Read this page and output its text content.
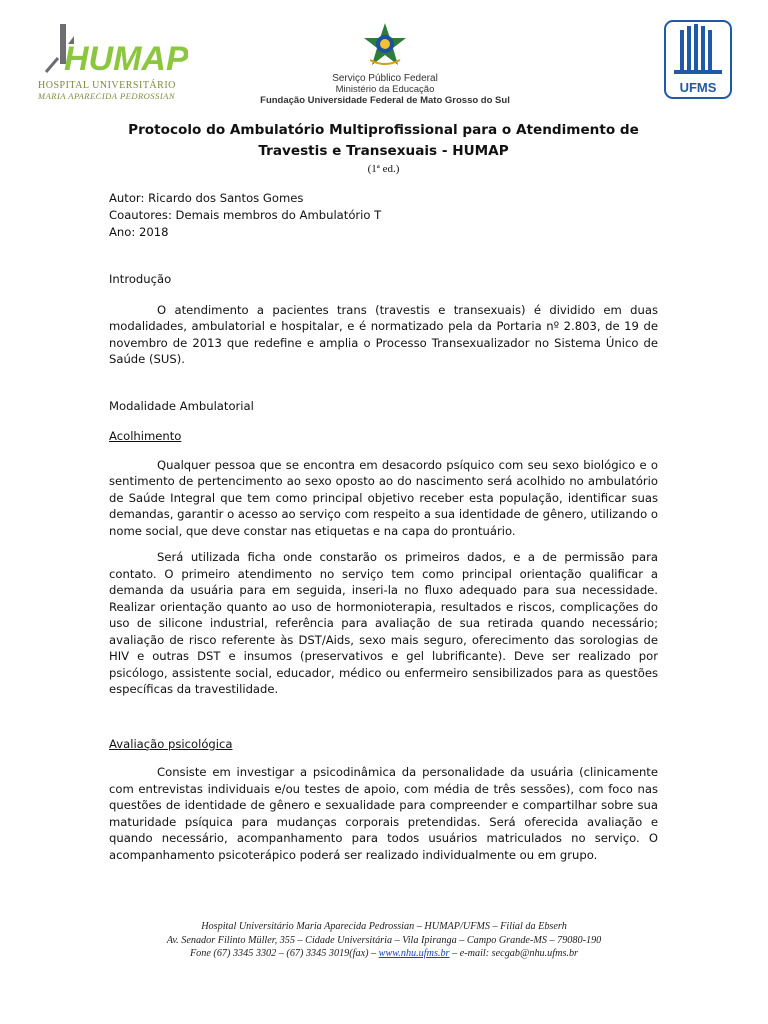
HUMAP
HOSPITAL UNIVERSITÁRIO
MARIA APARECIDA PEDROSSIAN
Serviço Público Federal
Ministério da Educação
Fundação Universidade Federal de Mato Grosso do Sul
UFMS
Protocolo do Ambulatório Multiprofissional para o Atendimento de
Travestis e Transexuais - HUMAP
(1ª ed.)
Autor: Ricardo dos Santos Gomes
Coautores: Demais membros do Ambulatório T
Ano: 2018
Introdução

O atendimento a pacientes trans (travestis e transexuais) é dividido em duas modalidades, ambulatorial e hospitalar, e é normatizado pela da Portaria nº 2.803, de 19 de novembro de 2013 que redefine e amplia o Processo Transexualizador no Sistema Único de Saúde (SUS).

Modalidade Ambulatorial
Acolhimento

Qualquer pessoa que se encontra em desacordo psíquico com seu sexo biológico e o sentimento de pertencimento ao sexo oposto ao do nascimento será acolhido no ambulatório de Saúde Integral que tem como principal objetivo receber esta população, identificar suas demandas, garantir o acesso ao serviço com respeito a sua identidade de gênero, utilizando o nome social, que deve constar nas etiquetas e na capa do prontuário.

Será utilizada ficha onde constarão os primeiros dados, e a de permissão para contato. O primeiro atendimento no serviço tem como principal orientação qualificar a demanda da usuária para em seguida, inseri-la no fluxo adequado para sua necessidade. Realizar orientação quanto ao uso de hormonioterapia, resultados e riscos, complicações do uso de silicone industrial, referência para avaliação de sua retirada quando necessário; avaliação de risco referente às DST/Aids, sexo mais seguro, oferecimento das sorologias de HIV e outras DST e insumos (preservativos e gel lubrificante). Deve ser realizado por psicólogo, assistente social, educador, médico ou enfermeiro sensibilizados para as questões específicas da travestilidade.

Avaliação psicológica

Consiste em investigar a psicodinâmica da personalidade da usuária (clinicamente com entrevistas individuais e/ou testes de apoio, com média de três sessões), com foco nas questões de identidade de gênero e sexualidade para compreender e compartilhar sobre sua maturidade psíquica para mudanças corporais pretendidas. Será oferecida avaliação e quando necessário, acompanhamento para todos usuários matriculados no serviço. O acompanhamento psicoterápico poderá ser realizado individualmente ou em grupo.

Hospital Universitário Maria Aparecida Pedrossian – HUMAP/UFMS – Filial da Ebserh
Av. Senador Filinto Müller, 355 – Cidade Universitária – Vila Ipiranga – Campo Grande-MS – 79080-190
Fone (67) 3345 3302 – (67) 3345 3019(fax) – www.nhu.ufms.br – e-mail: secgab@nhu.ufms.br
